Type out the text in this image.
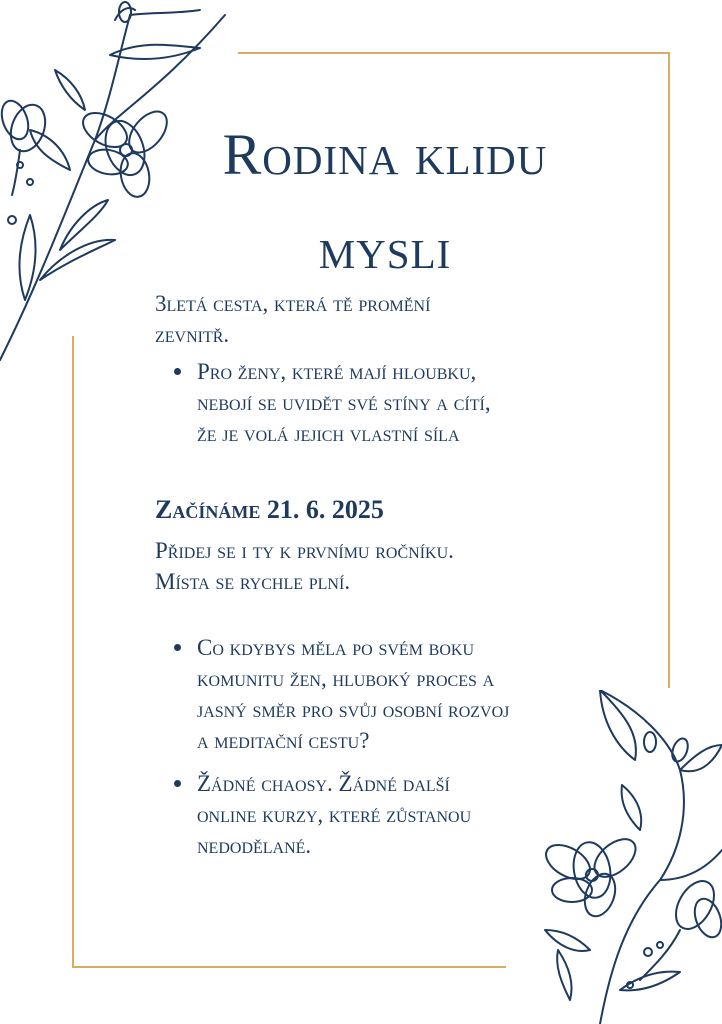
Rodina klidu
mysli
3letá cesta, která tě promění
zevnitř.
Pro ženy, které mají hloubku,
nebojí se uvidět své stíny a cítí,
že je volá jejich vlastní síla
Začínáme 21. 6. 2025
Přidej se i ty k prvnímu ročníku.
Místa se rychle plní.
Co kdybys měla po svém boku
komunitu žen, hluboký proces a
jasný směr pro svůj osobní rozvoj
a meditační cestu?
Žádné chaosy. Žádné další
online kurzy, které zůstanou
nedodělané.
